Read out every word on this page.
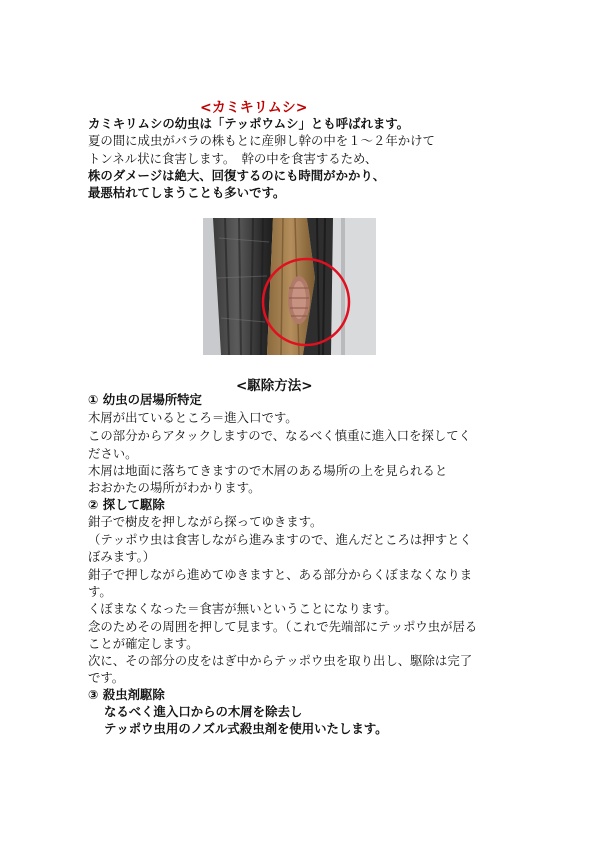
<カミキリムシ>
カミキリムシの幼虫は「テッポウムシ」とも呼ばれます。
夏の間に成虫がバラの株もとに産卵し幹の中を１～２年かけて
トンネル状に食害します。　幹の中を食害するため、
株のダメージは絶大、回復するのにも時間がかかり、
最悪枯れてしまうことも多いです。
<駆除方法>
① 幼虫の居場所特定
木屑が出ているところ＝進入口です。
この部分からアタックしますので、なるべく慎重に進入口を探してく
ださい。
木屑は地面に落ちてきますので木屑のある場所の上を見られると
おおかたの場所がわかります。
② 探して駆除
鉗子で樹皮を押しながら探ってゆきます。
（テッポウ虫は食害しながら進みますので、進んだところは押すとく
ぼみます。）
鉗子で押しながら進めてゆきますと、ある部分からくぼまなくなりま
す。
くぼまなくなった＝食害が無いということになります。
念のためその周囲を押して見ます。（これで先端部にテッポウ虫が居る
ことが確定します。
次に、その部分の皮をはぎ中からテッポウ虫を取り出し、駆除は完了
です。
③ 殺虫剤駆除
なるべく進入口からの木屑を除去し
テッポウ虫用のノズル式殺虫剤を使用いたします。
